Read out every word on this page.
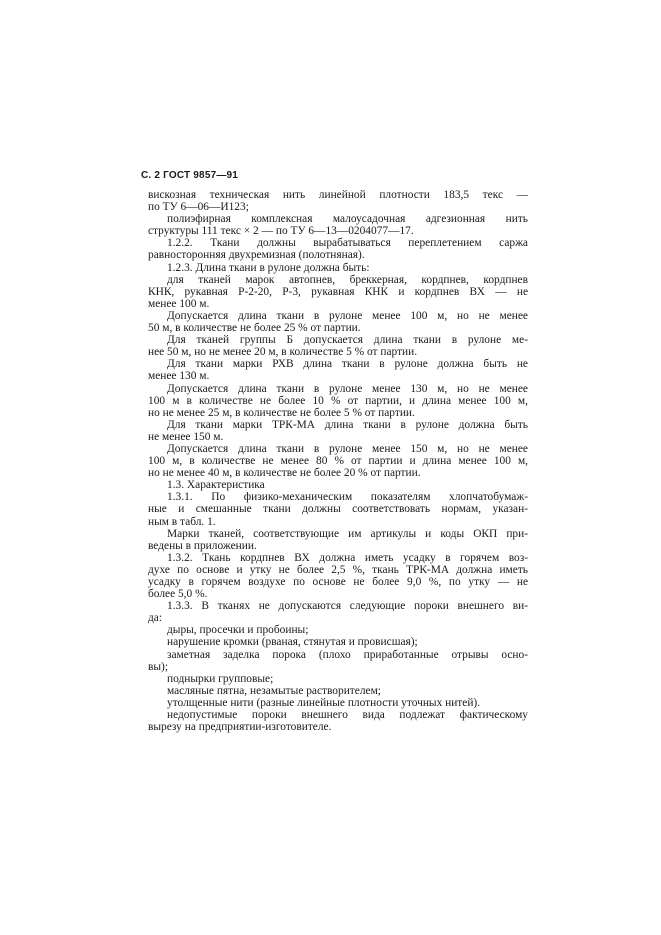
С. 2 ГОСТ 9857—91
вискозная техническая нить линейной плотности 183,5 текс —
по ТУ 6—06—И123;
полиэфирная комплексная малоусадочная адгезионная нить
структуры 111 текс × 2 — по ТУ 6—13—0204077—17.
1.2.2. Ткани должны вырабатываться переплетением саржа
равносторонняя двухремизная (полотняная).
1.2.3. Длина ткани в рулоне должна быть:
для тканей марок автопнев, бреккерная, кордпнев, кордпнев
КНК, рукавная Р-2-20, Р-3, рукавная КНК и кордпнев ВХ — не
менее 100 м.
Допускается длина ткани в рулоне менее 100 м, но не менее
50 м, в количестве не более 25 % от партии.
Для тканей группы Б допускается длина ткани в рулоне ме-
нее 50 м, но не менее 20 м, в количестве 5 % от партии.
Для ткани марки РХВ длина ткани в рулоне должна быть не
менее 130 м.
Допускается длина ткани в рулоне менее 130 м, но не менее
100 м в количестве не более 10 % от партии, и длина менее 100 м,
но не менее 25 м, в количестве не более 5 % от партии.
Для ткани марки ТРК-МА длина ткани в рулоне должна быть
не менее 150 м.
Допускается длина ткани в рулоне менее 150 м, но не менее
100 м, в количестве не менее 80 % от партии и длина менее 100 м,
но не менее 40 м, в количестве не более 20 % от партии.
1.3. Характеристика
1.3.1. По физико-механическим показателям хлопчатобумаж-
ные и смешанные ткани должны соответствовать нормам, указан-
ным в табл. 1.
Марки тканей, соответствующие им артикулы и коды ОКП при-
ведены в приложении.
1.3.2. Ткань кордпнев ВХ должна иметь усадку в горячем воз-
духе по основе и утку не более 2,5 %, ткань ТРК-МА должна иметь
усадку в горячем воздухе по основе не более 9,0 %, по утку — не
более 5,0 %.
1.3.3. В тканях не допускаются следующие пороки внешнего ви-
да:
дыры, просечки и пробоины;
нарушение кромки (рваная, стянутая и провисшая);
заметная заделка порока (плохо приработанные отрывы осно-
вы);
поднырки групповые;
масляные пятна, незамытые растворителем;
утолщенные нити (разные линейные плотности уточных нитей).
недопустимые пороки внешнего вида подлежат фактическому
вырезу на предприятии-изготовителе.
